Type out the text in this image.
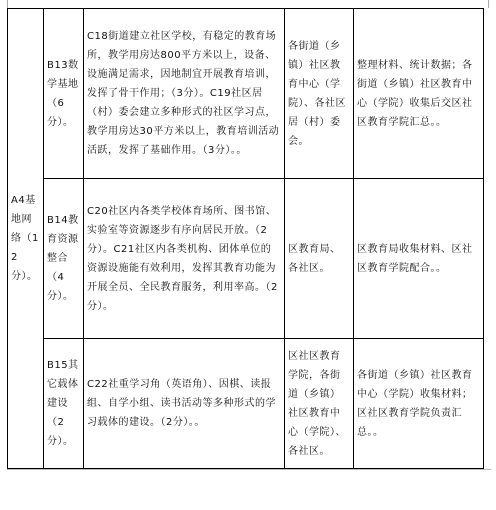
A4基地网络（12分）。	B13数学基地（6分）。	C18街道建立社区学校，有稳定的教育场所，教学用房达800平方米以上，设备、设施满足需求，因地制宜开展教育培训，发挥了骨干作用；（3分）。C19社区居（村）委会建立多种形式的社区学习点，教学用房达30平方米以上，教育培训活动活跃，发挥了基础作用。（3分）。。	各街道（乡镇）社区教育中心（学院）、各社区居（村）委会。	整理材料、统计数据；各街道（乡镇）社区教育中心（学院）收集后交区社区教育学院汇总。。
	B14教育资源整合（4分）。	C20社区内各类学校体育场所、图书馆、实验室等资源逐步有序向居民开放。（2分）。C21社区内各类机构、团体单位的资源设施能有效利用，发挥其教育功能为开展全员、全民教育服务，利用率高。（2分）。	区教育局、各社区。	区教育局收集材料、区社区教育学院配合。。
	B15其它载体建设（2分）。	C22社重学习角（英语角）、因棋、读报组、自学小组、读书活动等多种形式的学习载体的建设。（2分）。。	区社区教育学院，各街道（乡镇）社区教育中心（学院）、各社区。	各街道（乡镇）社区教育中心（学院）收集材料；区社区教育学院负责汇总。。
